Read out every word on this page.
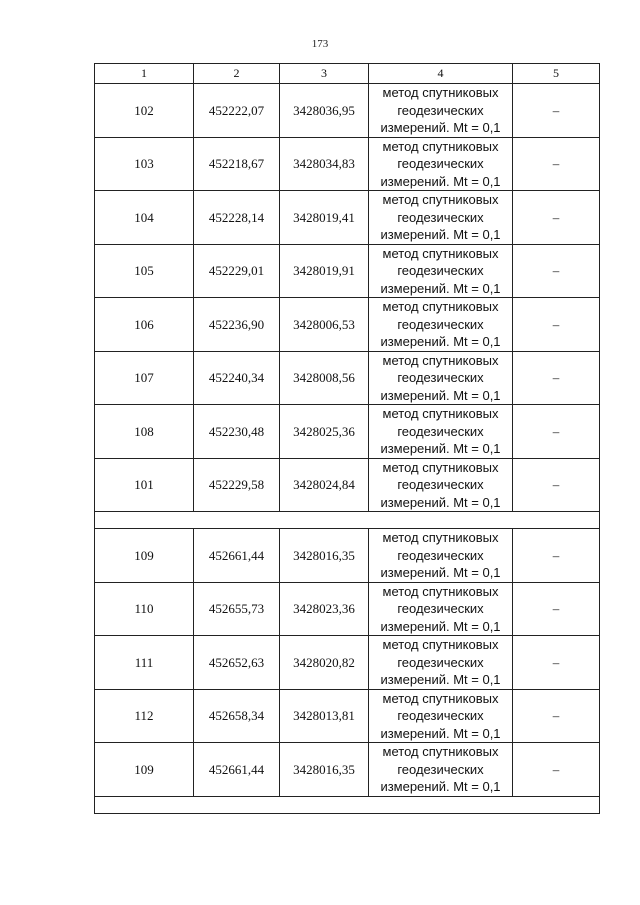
173
1	2	3	4	5
102	452222,07	3428036,95	метод спутниковых
геодезических
измерений. Mt = 0,1	–
103	452218,67	3428034,83	метод спутниковых
геодезических
измерений. Mt = 0,1	–
104	452228,14	3428019,41	метод спутниковых
геодезических
измерений. Mt = 0,1	–
105	452229,01	3428019,91	метод спутниковых
геодезических
измерений. Mt = 0,1	–
106	452236,90	3428006,53	метод спутниковых
геодезических
измерений. Mt = 0,1	–
107	452240,34	3428008,56	метод спутниковых
геодезических
измерений. Mt = 0,1	–
108	452230,48	3428025,36	метод спутниковых
геодезических
измерений. Mt = 0,1	–
101	452229,58	3428024,84	метод спутниковых
геодезических
измерений. Mt = 0,1	–

109	452661,44	3428016,35	метод спутниковых
геодезических
измерений. Mt = 0,1	–
110	452655,73	3428023,36	метод спутниковых
геодезических
измерений. Mt = 0,1	–
111	452652,63	3428020,82	метод спутниковых
геодезических
измерений. Mt = 0,1	–
112	452658,34	3428013,81	метод спутниковых
геодезических
измерений. Mt = 0,1	–
109	452661,44	3428016,35	метод спутниковых
геодезических
измерений. Mt = 0,1	–
